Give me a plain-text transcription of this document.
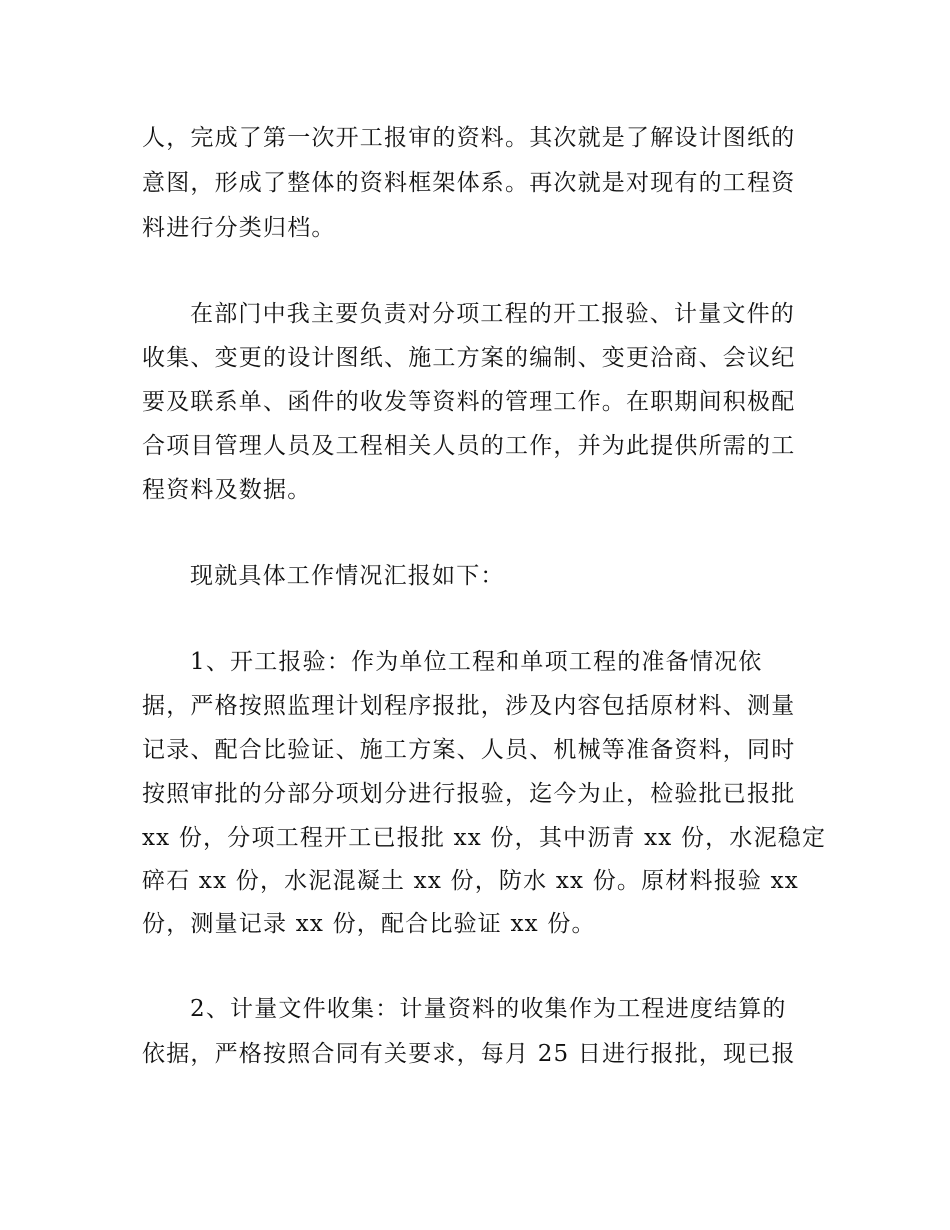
人，完成了第一次开工报审的资料。其次就是了解设计图纸的
意图，形成了整体的资料框架体系。再次就是对现有的工程资
料进行分类归档。
在部门中我主要负责对分项工程的开工报验、计量文件的
收集、变更的设计图纸、施工方案的编制、变更洽商、会议纪
要及联系单、函件的收发等资料的管理工作。在职期间积极配
合项目管理人员及工程相关人员的工作，并为此提供所需的工
程资料及数据。
现就具体工作情况汇报如下：
1、开工报验：作为单位工程和单项工程的准备情况依
据，严格按照监理计划程序报批，涉及内容包括原材料、测量
记录、配合比验证、施工方案、人员、机械等准备资料，同时
按照审批的分部分项划分进行报验，迄今为止，检验批已报批
xx 份，分项工程开工已报批 xx 份，其中沥青 xx 份，水泥稳定
碎石 xx 份，水泥混凝土 xx 份，防水 xx 份。原材料报验 xx
份，测量记录 xx 份，配合比验证 xx 份。
2、计量文件收集：计量资料的收集作为工程进度结算的
依据，严格按照合同有关要求，每月 25 日进行报批，现已报
